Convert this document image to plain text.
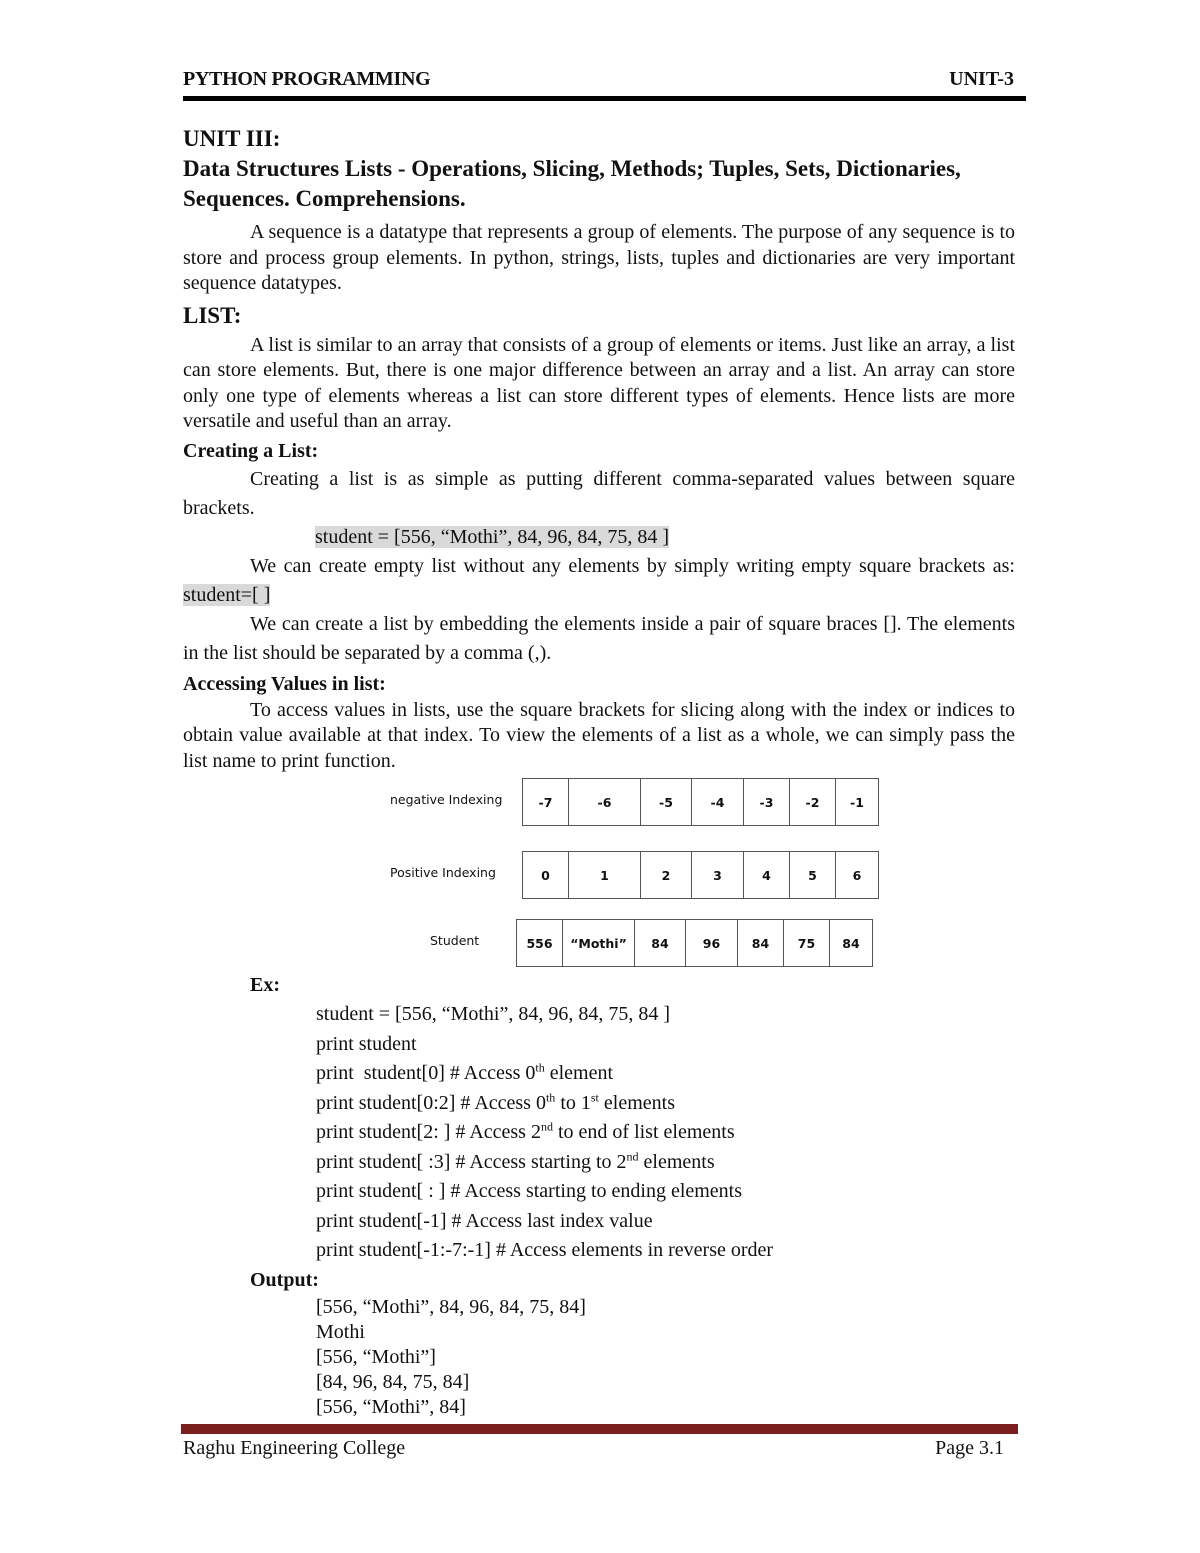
PYTHON PROGRAMMING	UNIT-3

UNIT III:

Data Structures Lists - Operations, Slicing, Methods; Tuples, Sets, Dictionaries, Sequences. Comprehensions.

A sequence is a datatype that represents a group of elements. The purpose of any sequence is to store and process group elements. In python, strings, lists, tuples and dictionaries are very important sequence datatypes.

LIST:

A list is similar to an array that consists of a group of elements or items. Just like an array, a list can store elements. But, there is one major difference between an array and a list. An array can store only one type of elements whereas a list can store different types of elements. Hence lists are more versatile and useful than an array.

Creating a List:

Creating a list is as simple as putting different comma-separated values between square brackets.

student = [556, “Mothi”, 84, 96, 84, 75, 84 ]

We can create empty list without any elements by simply writing empty square brackets as: student=[ ]

We can create a list by embedding the elements inside a pair of square braces []. The elements in the list should be separated by a comma (,).

Accessing Values in list:

To access values in lists, use the square brackets for slicing along with the index or indices to obtain value available at that index. To view the elements of a list as a whole, we can simply pass the list name to print function.

negative Indexing	-7	-6	-5	-4	-3	-2	-1
Positive Indexing	0	1	2	3	4	5	6
Student	556	“Mothi”	84	96	84	75	84

Ex:

student = [556, “Mothi”, 84, 96, 84, 75, 84 ]

print student

print  student[0] # Access 0th element

print student[0:2] # Access 0th to 1st elements

print student[2: ] # Access 2nd to end of list elements

print student[ :3] # Access starting to 2nd elements

print student[ : ] # Access starting to ending elements

print student[-1] # Access last index value

print student[-1:-7:-1] # Access elements in reverse order

Output:

[556, “Mothi”, 84, 96, 84, 75, 84]

Mothi

[556, “Mothi”]

[84, 96, 84, 75, 84]

[556, “Mothi”, 84]

Raghu Engineering College	Page 3.1
